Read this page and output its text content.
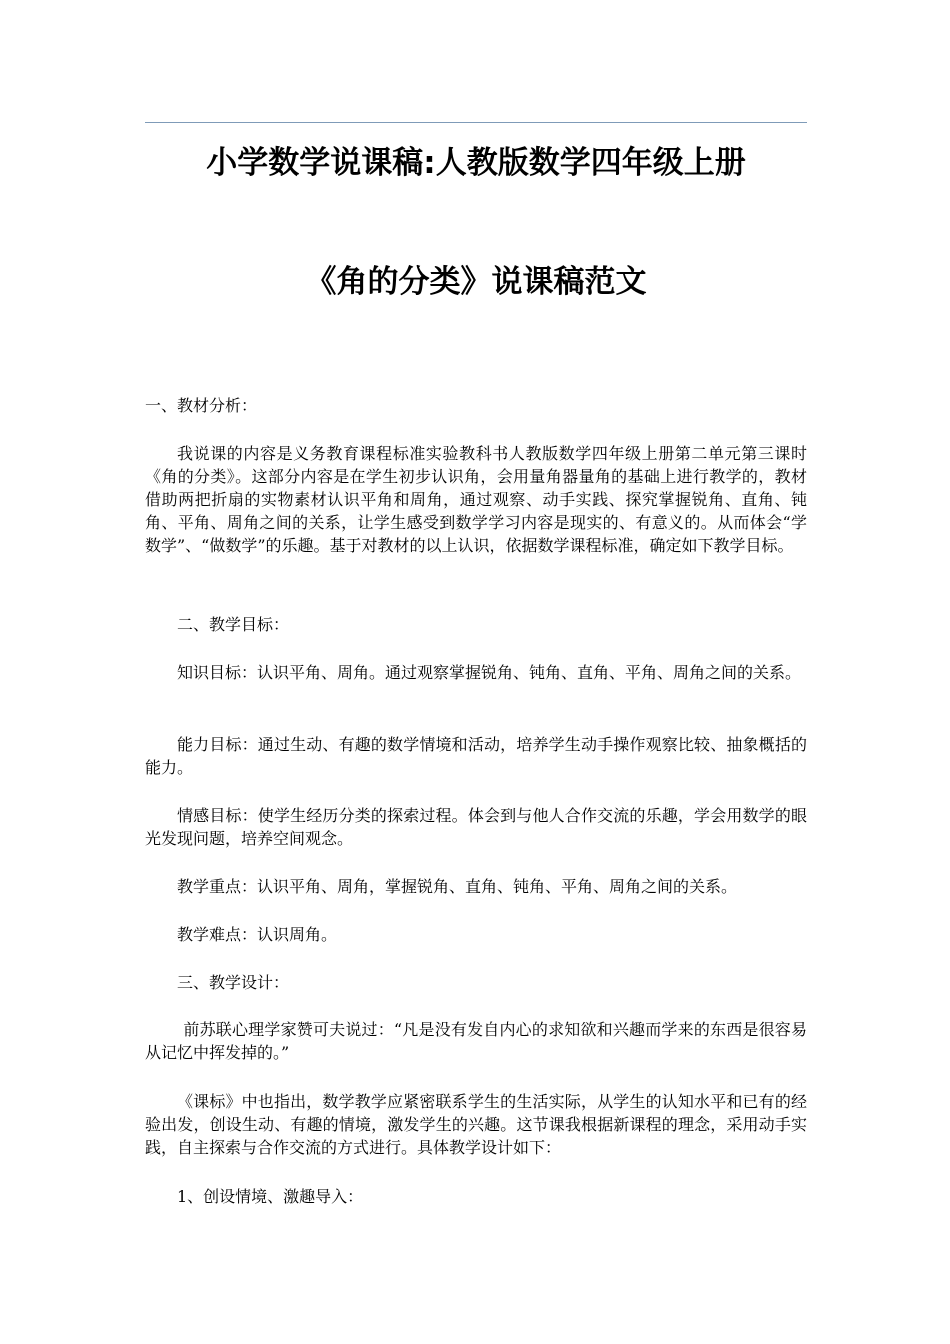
小学数学说课稿:人教版数学四年级上册
《角的分类》说课稿范文

一、教材分析：

我说课的内容是义务教育课程标准实验教科书人教版数学四年级上册第二单元第三课时《角的分类》。这部分内容是在学生初步认识角，会用量角器量角的基础上进行教学的，教材借助两把折扇的实物素材认识平角和周角，通过观察、动手实践、探究掌握锐角、直角、钝角、平角、周角之间的关系，让学生感受到数学学习内容是现实的、有意义的。从而体会“学数学”、“做数学”的乐趣。基于对教材的以上认识，依据数学课程标准，确定如下教学目标。

二、教学目标：

知识目标：认识平角、周角。通过观察掌握锐角、钝角、直角、平角、周角之间的关系。

能力目标：通过生动、有趣的数学情境和活动，培养学生动手操作观察比较、抽象概括的能力。

情感目标：使学生经历分类的探索过程。体会到与他人合作交流的乐趣，学会用数学的眼光发现问题，培养空间观念。

教学重点：认识平角、周角，掌握锐角、直角、钝角、平角、周角之间的关系。

教学难点：认识周角。

三、教学设计：

前苏联心理学家赞可夫说过：“凡是没有发自内心的求知欲和兴趣而学来的东西是很容易从记忆中挥发掉的。”

《课标》中也指出，数学教学应紧密联系学生的生活实际，从学生的认知水平和已有的经验出发，创设生动、有趣的情境，激发学生的兴趣。这节课我根据新课程的理念，采用动手实践，自主探索与合作交流的方式进行。具体教学设计如下：

1、创设情境、激趣导入：
